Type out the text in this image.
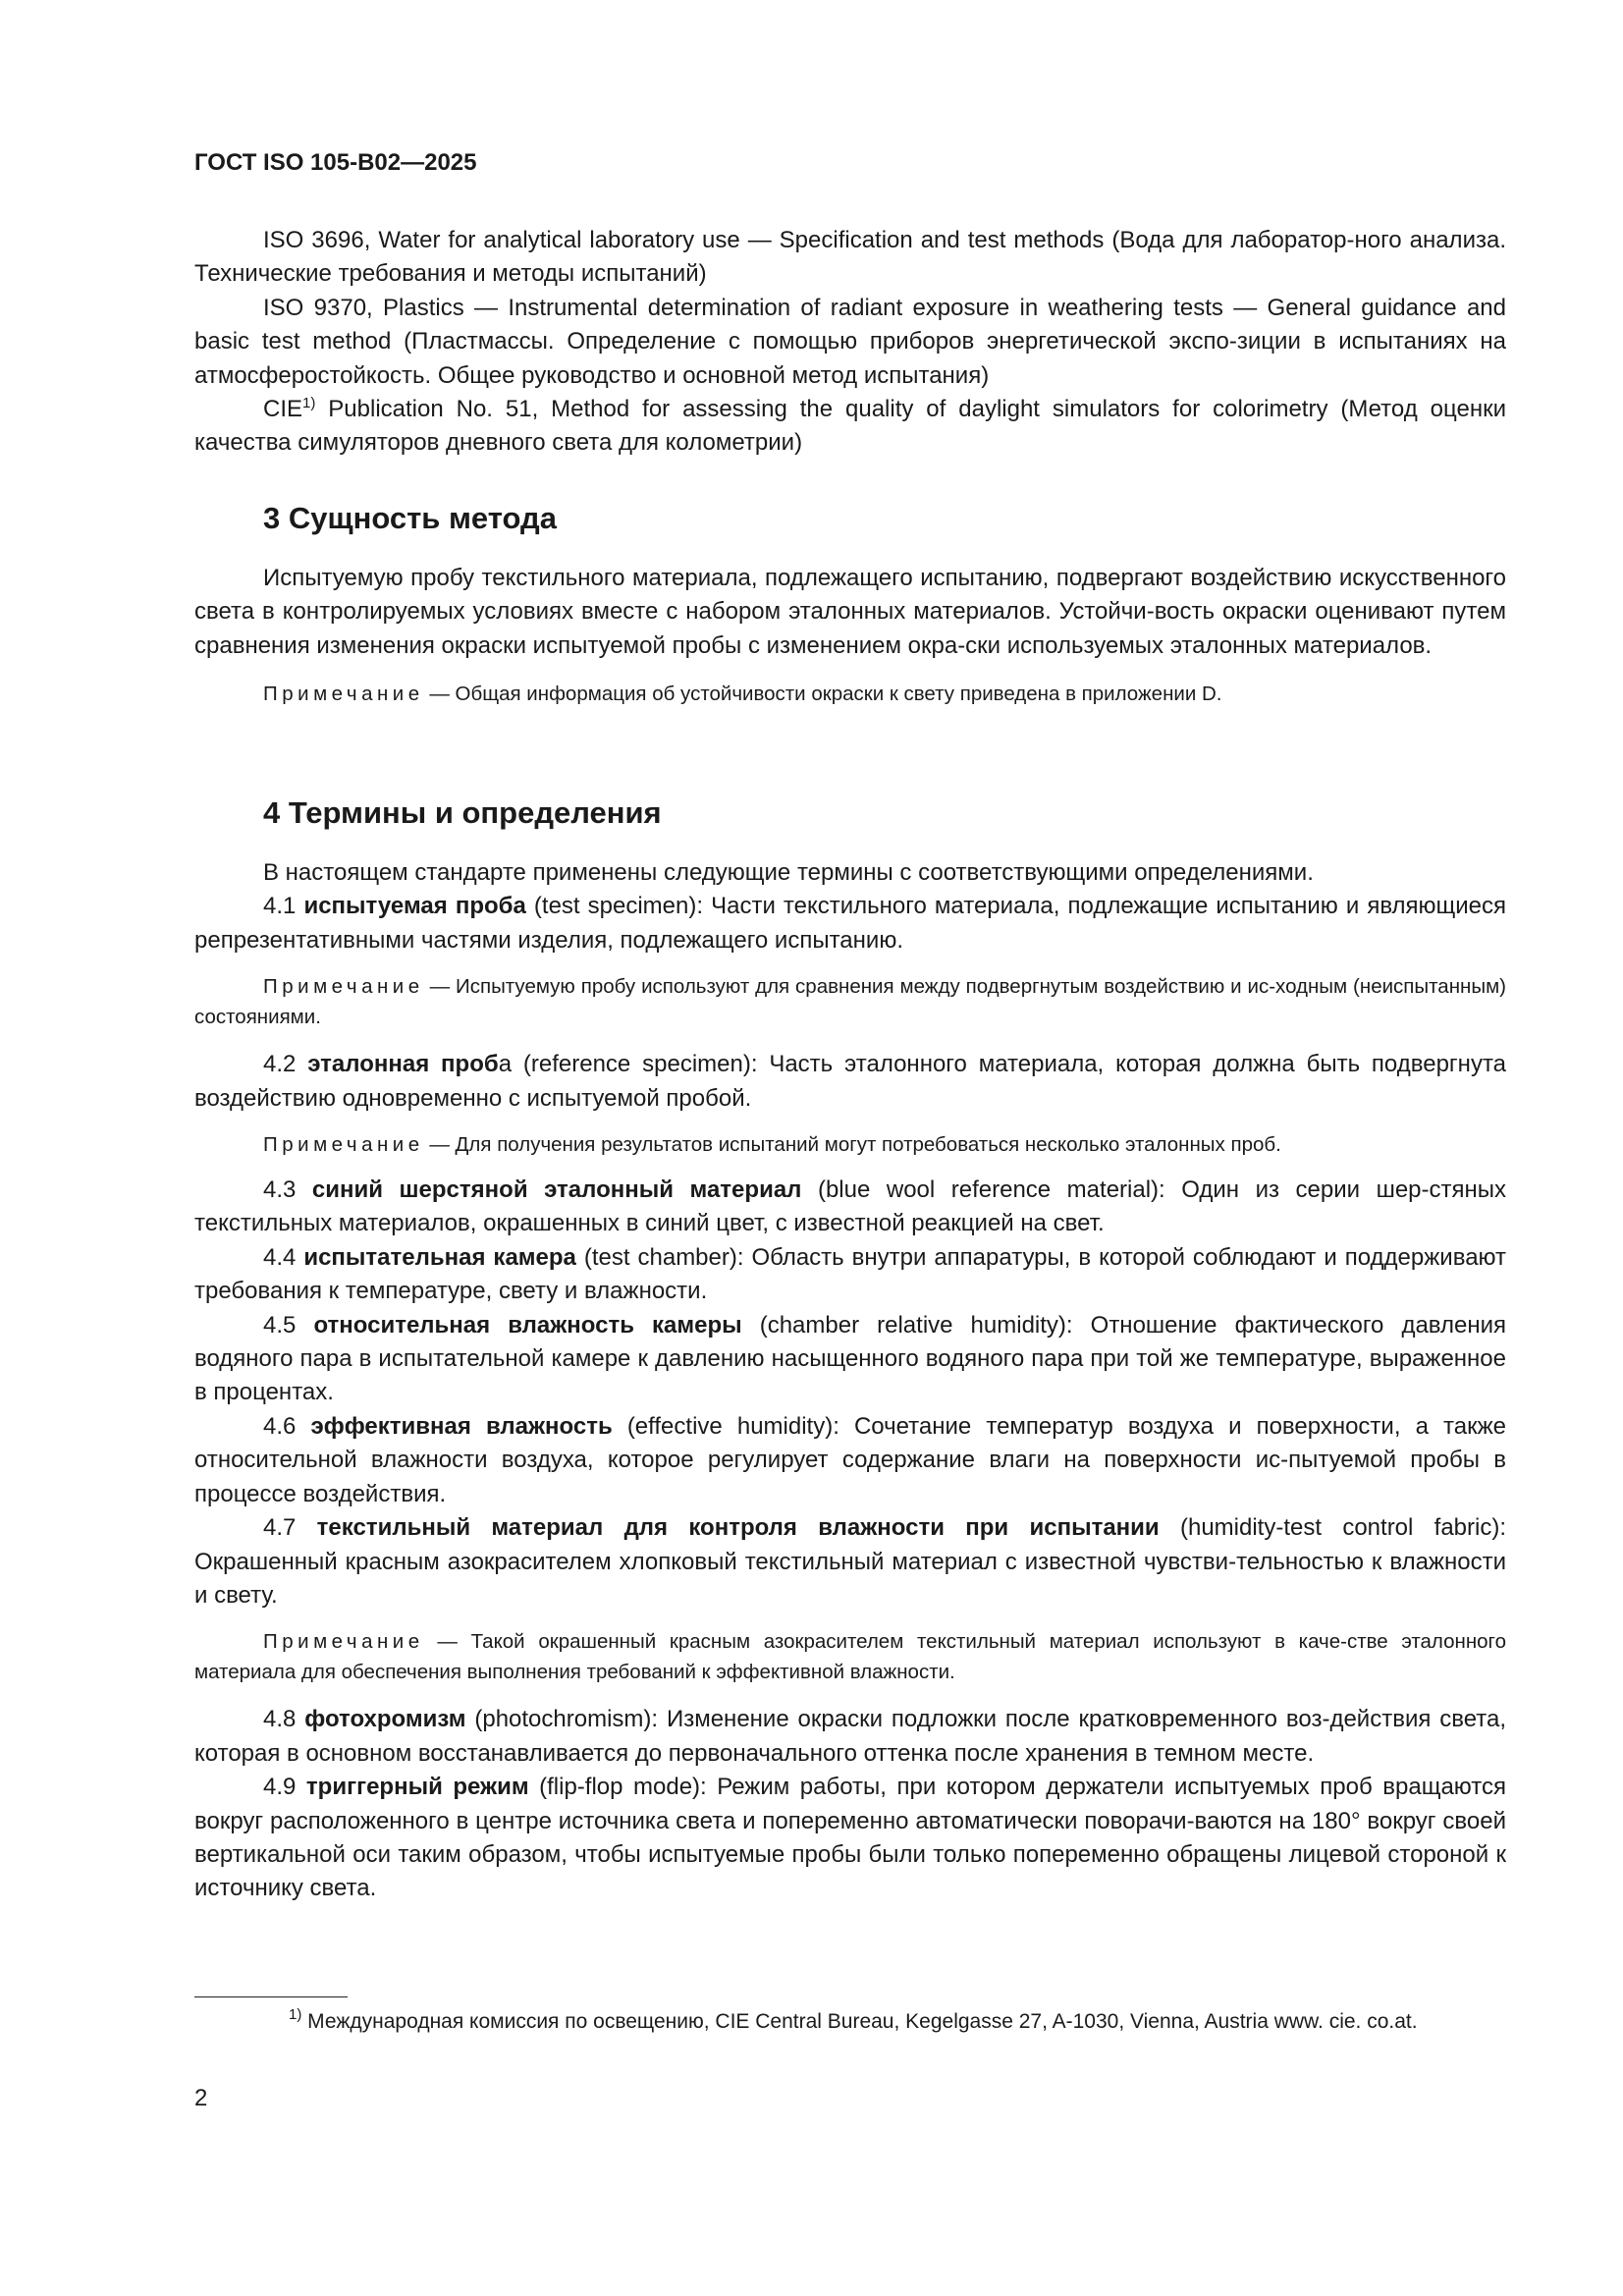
ГОСТ ISO 105-B02—2025

ISO 3696, Water for analytical laboratory use — Specification and test methods (Вода для лаборатор-ного анализа. Технические требования и методы испытаний)

ISO 9370, Plastics — Instrumental determination of radiant exposure in weathering tests — General guidance and basic test method (Пластмассы. Определение с помощью приборов энергетической экспо-зиции в испытаниях на атмосферостойкость. Общее руководство и основной метод испытания)

CIE$^{1)}$ Publication No. 51, Method for assessing the quality of daylight simulators for colorimetry (Метод оценки качества симуляторов дневного света для колометрии)

3 Сущность метода

Испытуемую пробу текстильного материала, подлежащего испытанию, подвергают воздействию искусственного света в контролируемых условиях вместе с набором эталонных материалов. Устойчи-вость окраски оценивают путем сравнения изменения окраски испытуемой пробы с изменением окра-ски используемых эталонных материалов.

Примечание — Общая информация об устойчивости окраски к свету приведена в приложении D.

4 Термины и определения

В настоящем стандарте применены следующие термины с соответствующими определениями.

4.1 испытуемая проба (test specimen): Части текстильного материала, подлежащие испытанию и являющиеся репрезентативными частями изделия, подлежащего испытанию.

Примечание — Испытуемую пробу используют для сравнения между подвергнутым воздействию и ис-ходным (неиспытанным) состояниями.

4.2 эталонная проба (reference specimen): Часть эталонного материала, которая должна быть подвергнута воздействию одновременно с испытуемой пробой.

Примечание — Для получения результатов испытаний могут потребоваться несколько эталонных проб.

4.3 синий шерстяной эталонный материал (blue wool reference material): Один из серии шер-стяных текстильных материалов, окрашенных в синий цвет, с известной реакцией на свет.

4.4 испытательная камера (test chamber): Область внутри аппаратуры, в которой соблюдают и поддерживают требования к температуре, свету и влажности.

4.5 относительная влажность камеры (chamber relative humidity): Отношение фактического давления водяного пара в испытательной камере к давлению насыщенного водяного пара при той же температуре, выраженное в процентах.

4.6 эффективная влажность (effective humidity): Сочетание температур воздуха и поверхности, а также относительной влажности воздуха, которое регулирует содержание влаги на поверхности ис-пытуемой пробы в процессе воздействия.

4.7 текстильный материал для контроля влажности при испытании (humidity-test control fabric): Окрашенный красным азокрасителем хлопковый текстильный материал с известной чувстви-тельностью к влажности и свету.

Примечание — Такой окрашенный красным азокрасителем текстильный материал используют в каче-стве эталонного материала для обеспечения выполнения требований к эффективной влажности.

4.8 фотохромизм (photochromism): Изменение окраски подложки после кратковременного воз-действия света, которая в основном восстанавливается до первоначального оттенка после хранения в темном месте.

4.9 триггерный режим (flip-flop mode): Режим работы, при котором держатели испытуемых проб вращаются вокруг расположенного в центре источника света и попеременно автоматически поворачи-ваются на 180° вокруг своей вертикальной оси таким образом, чтобы испытуемые пробы были только попеременно обращены лицевой стороной к источнику света.

$^{1)}$ Международная комиссия по освещению, CIE Central Bureau, Kegelgasse 27, A-1030, Vienna, Austria www. cie. co.at.
2
